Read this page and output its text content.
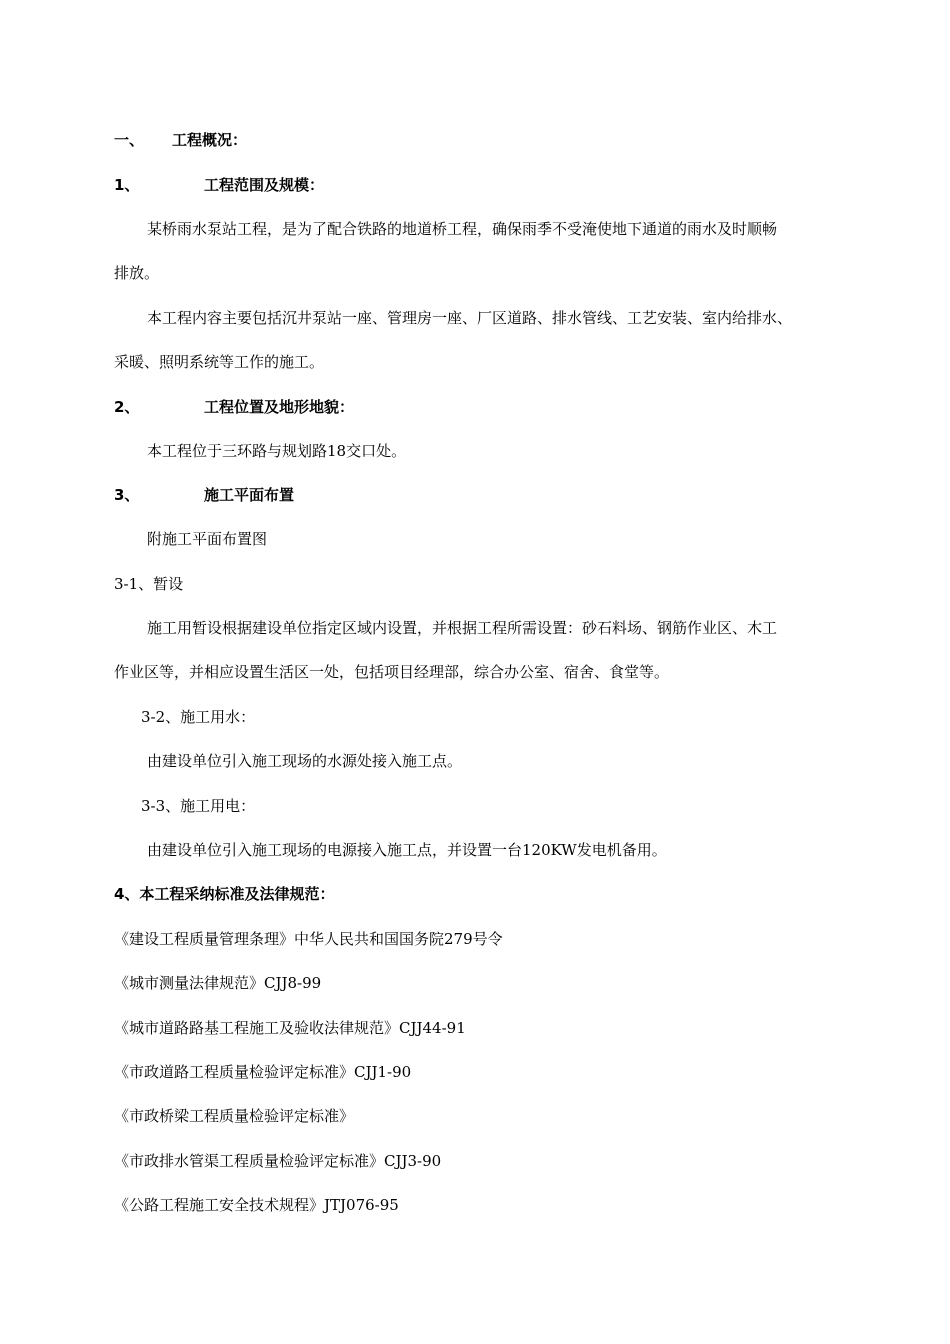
一、 工程概况：
1、	工程范围及规模：
某桥雨水泵站工程，是为了配合铁路的地道桥工程，确保雨季不受淹使地下通道的雨水及时顺畅
排放。
本工程内容主要包括沉井泵站一座、管理房一座、厂区道路、排水管线、工艺安装、室内给排水、
采暖、照明系统等工作的施工。
2、	工程位置及地形地貌：
本工程位于三环路与规划路18交口处。
3、	施工平面布置
附施工平面布置图
3-1、暂设
施工用暂设根据建设单位指定区域内设置，并根据工程所需设置：砂石料场、钢筋作业区、木工
作业区等，并相应设置生活区一处，包括项目经理部，综合办公室、宿舍、食堂等。
3-2、施工用水：
由建设单位引入施工现场的水源处接入施工点。
3-3、施工用电：
由建设单位引入施工现场的电源接入施工点，并设置一台120KW发电机备用。
4、本工程采纳标准及法律规范：
《建设工程质量管理条理》中华人民共和国国务院279号令
《城市测量法律规范》CJJ8-99
《城市道路路基工程施工及验收法律规范》CJJ44-91
《市政道路工程质量检验评定标准》CJJ1-90
《市政桥梁工程质量检验评定标准》
《市政排水管渠工程质量检验评定标准》CJJ3-90
《公路工程施工安全技术规程》JTJ076-95
